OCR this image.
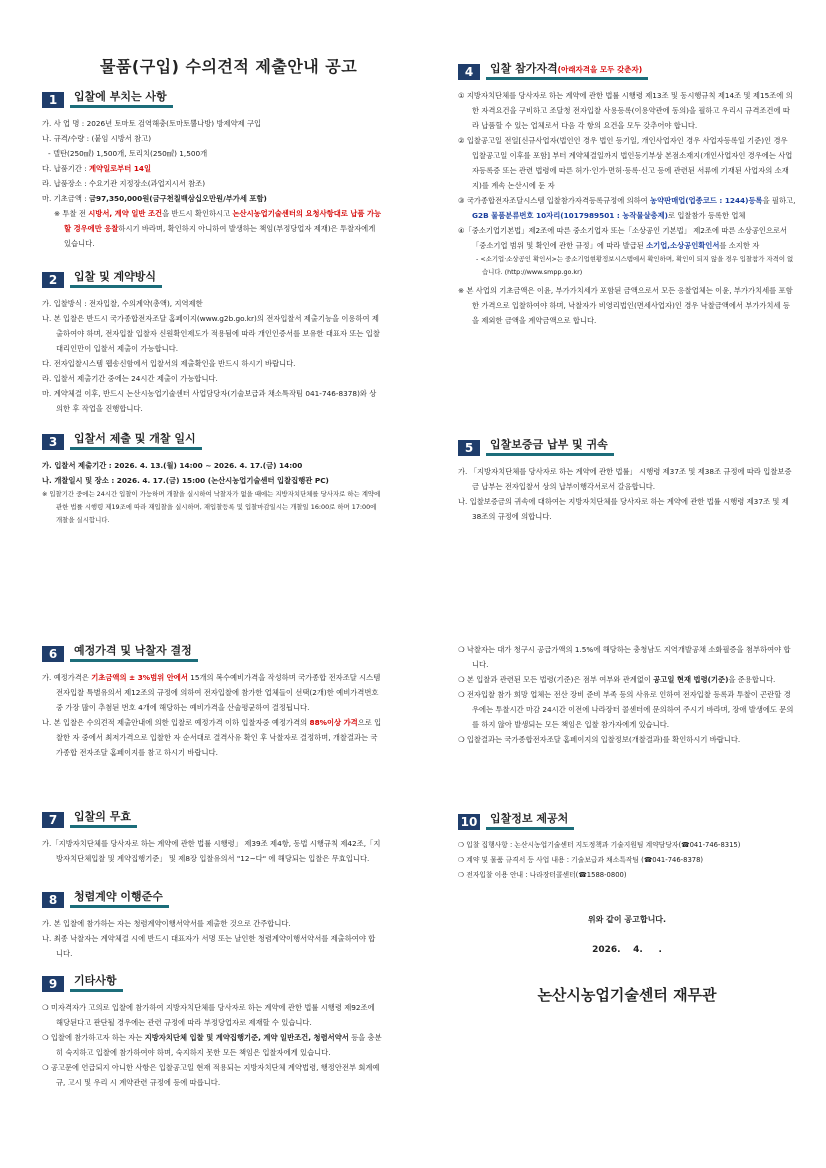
물품(구입) 수의견적 제출안내 공고
1	입찰에 부치는 사항

가. 사 업 명 : 2026년 토마토 검역해충(토마토뿔나방) 방제약제 구입

나. 규격/수량 : (붙임 시방서 참고)

- 델탄(250㎖) 1,500개, 토리치(250㎖) 1,500개

다. 납품기간 : 계약일로부터 14일

라. 납품장소 : 수요기관 지정장소(과업지시서 참조)

마. 기초금액 : 금97,350,000원(금구천칠백삼십오만원/부가세 포함)

※ 투찰 전 시방서, 계약 일반 조건을 반드시 확인하시고 논산시농업기술센터의 요청사항대로 납품 가능할 경우에만 응찰하시기 바라며, 확인하지 아니하여 발생하는 책임(부정당업자 제재)은 투찰자에게 있습니다.

2	입찰 및 계약방식

가. 입찰방식 : 전자입찰, 수의계약(총액), 지역제한

나. 본 입찰은 반드시 국가종합전자조달 홈페이지(www.g2b.go.kr)의 전자입찰서 제출기능을 이용하여 제출하여야 하며, 전자입찰 입찰자 신원확인제도가 적용됨에 따라 개인인증서를 보유한 대표자 또는 입찰대리인만이 입찰서 제출이 가능합니다.

다. 전자입찰시스템 웹송신함에서 입찰서의 제출확인을 반드시 하시기 바랍니다.

라. 입찰서 제출기간 중에는 24시간 제출이 가능합니다.

마. 계약체결 이후, 반드시 논산시농업기술센터 사업담당자(기술보급과 채소특작팀 041-746-8378)와 상의한 후 작업을 진행합니다.

3	입찰서 제출 및 개찰 일시

가. 입찰서 제출기간 : 2026. 4. 13.(월) 14:00 ~ 2026. 4. 17.(금) 14:00

나. 개찰일시 및 장소 : 2026. 4. 17.(금) 15:00 (논산시농업기술센터 입찰집행관 PC)

※ 입찰기간 중에는 24시간 입찰이 가능하며 개찰을 실시하여 낙찰자가 없을 때에는 지방자치단체를 당사자로 하는 계약에 관한 법률 시행령 제19조에 따라 재입찰을 실시하며, 재입찰등록 및 입찰마감일시는 개찰일 16:00로 하며 17:00에 개찰을 실시합니다.

4	입찰 참가자격(아래자격을 모두 갖춘자)

① 지방자치단체를 당사자로 하는 계약에 관한 법률 시행령 제13조 및 동시행규칙 제14조 및 제15조에 의한 자격요건을 구비하고 조달청 전자입찰 사용등록(이용약관에 동의)을 필하고 우리시 규격조건에 따라 납품할 수 있는 업체로서 다음 각 항의 요건을 모두 갖추어야 합니다.

② 입찰공고일 전일[신규사업자(법인인 경우 법인 등기일, 개인사업자인 경우 사업자등록일 기준)인 경우 입찰공고일 이후를 포함] 부터 계약체결일까지 법인등기부상 본점소재지(개인사업자인 경우에는 사업자등록증 또는 관련 법령에 따른 허가·인가·면허·등록·신고 등에 관련된 서류에 기재된 사업자의 소재지)를 계속 논산시에 둔 자

③ 국가종합전자조달시스템 입찰참가자격등록규정에 의하여 농약판매업(업종코드 : 1244)등록을 필하고, G2B 물품분류번호 10자리(1017989501 : 농작물살충제)로 입찰참가 등록한 업체

④「중소기업기본법」제2조에 따른 중소기업자 또는「소상공인 기본법」 제2조에 따른 소상공인으로서 「중소기업 범위 및 확인에 관한 규정」에 따라 발급된 소기업,소상공인확인서를 소지한 자

- <소기업·소상공인 확인서>는 중소기업현황정보시스템에서 확인하며, 확인이 되지 않을 경우 입찰참가 자격이 없습니다. (http://www.smpp.go.kr)

※ 본 사업의 기초금액은 이윤, 부가가치세가 포함된 금액으로서 모든 응찰업체는 이윤, 부가가치세를 포함한 가격으로 입찰하여야 하며, 낙찰자가 비영리법인(면세사업자)인 경우 낙찰금액에서 부가가치세 등을 제외한 금액을 계약금액으로 합니다.

5	입찰보증금 납부 및 귀속

가. 「지방자치단체를 당사자로 하는 계약에 관한 법률」 시행령 제37조 및 제38조 규정에 따라 입찰보증금 납부는 전자입찰서 상의 납부이행각서로서 갈음합니다.

나. 입찰보증금의 귀속에 대하여는 지방자치단체를 당사자로 하는 계약에 관한 법률 시행령 제37조 및 제38조의 규정에 의합니다.

6	예정가격 및 낙찰자 결정

가. 예정가격은 기초금액의 ± 3%범위 안에서 15개의 복수예비가격을 작성하며 국가종합 전자조달 시스템 전자입찰 특별유의서 제12조의 규정에 의하여 전자입찰에 참가한 업체들이 선택(2개)한 예비가격번호 중 가장 많이 추첨된 번호 4개에 해당하는 예비가격을 산술평균하여 결정됩니다.

나. 본 입찰은 수의견적 제출안내에 의한 입찰로 예정가격 이하 입찰자중 예정가격의 88%이상 가격으로 입찰한 자 중에서 최저가격으로 입찰한 자 순서대로 결격사유 확인 후 낙찰자로 결정하며, 개찰결과는 국가종합 전자조달 홈페이지를 참고 하시기 바랍니다.

7	입찰의 무효

가.「지방자치단체를 당사자로 하는 계약에 관한 법률 시행령」 제39조 제4항, 동법 시행규칙 제42조,「지방자치단체입찰 및 계약집행기준」 및 제8장 입찰유의서 "12~다" 에 해당되는 입찰은 무효입니다.

8	청렴계약 이행준수

가. 본 입찰에 참가하는 자는 청렴계약이행서약서를 제출한 것으로 간주합니다.

나. 최종 낙찰자는 계약체결 시에 반드시 대표자가 서명 또는 날인한 청렴계약이행서약서를 제출하여야 합니다.

9	기타사항

❍ 미자격자가 고의로 입찰에 참가하여 지방자치단체를 당사자로 하는 계약에 관한 법률 시행령 제92조에 해당된다고 판단될 경우에는 관련 규정에 따라 부정당업자로 제재할 수 있습니다.

❍ 입찰에 참가하고자 하는 자는 지방자치단체 입찰 및 계약집행기준, 계약 일반조건, 청렴서약서 등을 충분히 숙지하고 입찰에 참가하여야 하며, 숙지하지 못한 모든 책임은 입찰자에게 있습니다.

❍ 공고문에 언급되지 아니한 사항은 입찰공고일 현재 적용되는 지방자치단체 계약법령, 행정안전부 회계예규, 고시 및 우리 시 계약관련 규정에 등에 따릅니다.

❍ 낙찰자는 대가 청구시 공급가액의 1.5%에 해당하는 충청남도 지역개발공채 소화필증을 첨부하여야 합니다.

❍ 본 입찰과 관련된 모든 법령(기준)은 점부 여부와 관계없이 공고일 현재 법령(기준)을 준용합니다.

❍ 전자입찰 참가 희망 업체는 전산 장비 준비 부족 등의 사유로 인하여 전자입찰 등록과 투찰이 곤란할 경우에는 투찰시간 마감 24시간 이전에 나라장터 콜센터에 문의하여 주시기 바라며, 장애 발생에도 문의를 하지 않아 발생되는 모든 책임은 입찰 참가자에게 있습니다.

❍ 입찰결과는 국가종합전자조달 홈페이지의 입찰정보(개찰결과)를 확인하시기 바랍니다.

10	입찰정보 제공처

❍ 입찰 집행사항 : 논산시농업기술센터 지도정책과 기술지원팀 계약담당자(☎041-746-8315)

❍ 계약 및 물품 규격서 등 사업 내용 : 기술보급과 채소특작팀 (☎041-746-8378)

❍ 전자입찰 이용 안내 : 나라장터콜센터(☎1588-0800)

위와 같이 공고합니다.

2026.    4.     .

논산시농업기술센터 재무관
